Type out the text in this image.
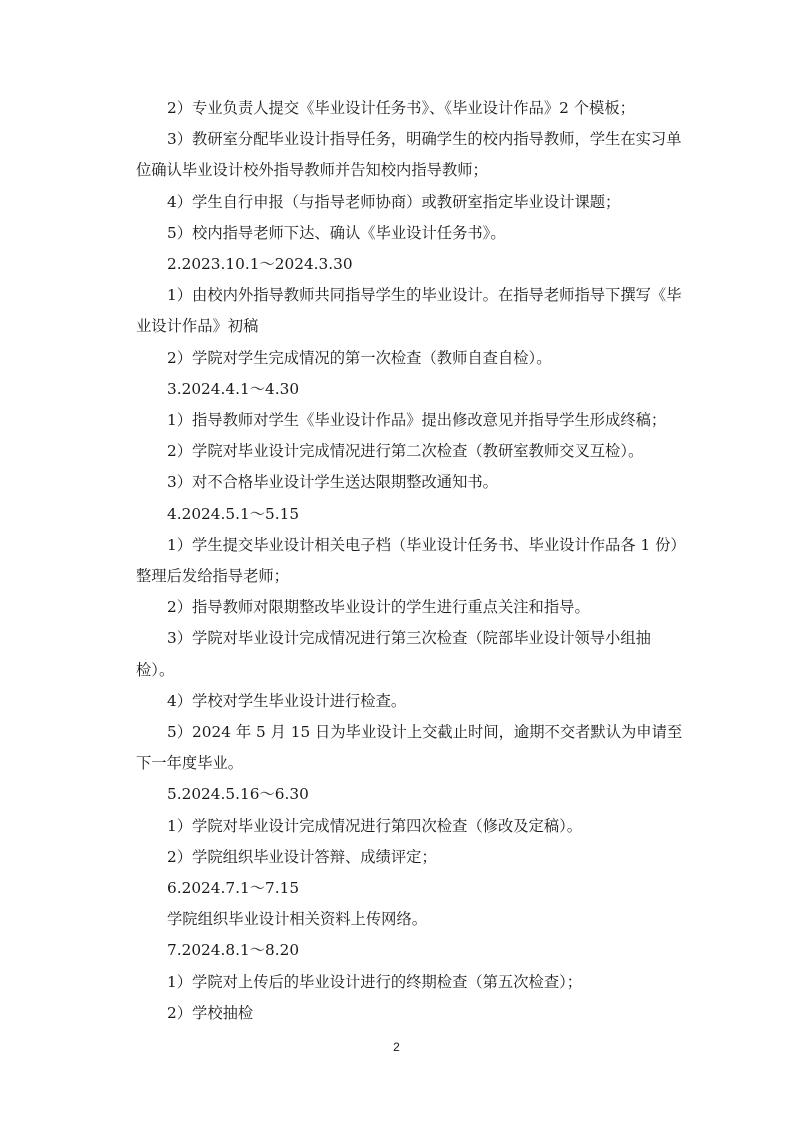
2）专业负责人提交《毕业设计任务书》、《毕业设计作品》2 个模板；

3）教研室分配毕业设计指导任务，明确学生的校内指导教师，学生在实习单位确认毕业设计校外指导教师并告知校内指导教师；

4）学生自行申报（与指导老师协商）或教研室指定毕业设计课题；

5）校内指导老师下达、确认《毕业设计任务书》。

2.2023.10.1～2024.3.30

1）由校内外指导教师共同指导学生的毕业设计。在指导老师指导下撰写《毕业设计作品》初稿

2）学院对学生完成情况的第一次检查（教师自查自检）。

3.2024.4.1～4.30

1）指导教师对学生《毕业设计作品》提出修改意见并指导学生形成终稿；

2）学院对毕业设计完成情况进行第二次检查（教研室教师交叉互检）。

3）对不合格毕业设计学生送达限期整改通知书。

4.2024.5.1～5.15

1）学生提交毕业设计相关电子档（毕业设计任务书、毕业设计作品各 1 份）整理后发给指导老师；

2）指导教师对限期整改毕业设计的学生进行重点关注和指导。

3）学院对毕业设计完成情况进行第三次检查（院部毕业设计领导小组抽检）。

4）学校对学生毕业设计进行检查。

5）2024 年 5 月 15 日为毕业设计上交截止时间，逾期不交者默认为申请至下一年度毕业。

5.2024.5.16～6.30

1）学院对毕业设计完成情况进行第四次检查（修改及定稿）。

2）学院组织毕业设计答辩、成绩评定；

6.2024.7.1～7.15

学院组织毕业设计相关资料上传网络。

7.2024.8.1～8.20

1）学院对上传后的毕业设计进行的终期检查（第五次检查）；

2）学校抽检

2
